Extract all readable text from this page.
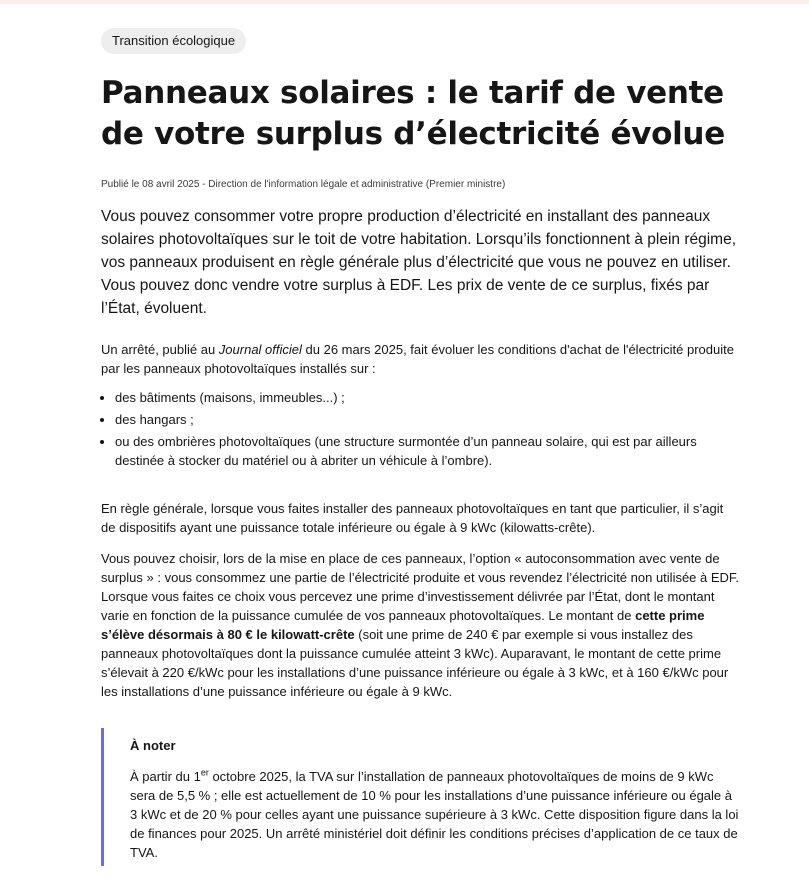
Transition écologique
Panneaux solaires : le tarif de vente de votre surplus d’électricité évolue
Publié le 08 avril 2025 - Direction de l'information légale et administrative (Premier ministre)

Vous pouvez consommer votre propre production d’électricité en installant des panneaux solaires photovoltaïques sur le toit de votre habitation. Lorsqu’ils fonctionnent à plein régime, vos panneaux produisent en règle générale plus d’électricité que vous ne pouvez en utiliser. Vous pouvez donc vendre votre surplus à EDF. Les prix de vente de ce surplus, fixés par l’État, évoluent.

Un arrêté, publié au Journal officiel du 26 mars 2025, fait évoluer les conditions d'achat de l'électricité produite par les panneaux photovoltaïques installés sur :

• des bâtiments (maisons, immeubles...) ;
• des hangars ;
• ou des ombrières photovoltaïques (une structure surmontée d’un panneau solaire, qui est par ailleurs destinée à stocker du matériel ou à abriter un véhicule à l’ombre).

En règle générale, lorsque vous faites installer des panneaux photovoltaïques en tant que particulier, il s’agit de dispositifs ayant une puissance totale inférieure ou égale à 9 kWc (kilowatts-crête).

Vous pouvez choisir, lors de la mise en place de ces panneaux, l’option « autoconsommation avec vente de surplus » : vous consommez une partie de l’électricité produite et vous revendez l’électricité non utilisée à EDF. Lorsque vous faites ce choix vous percevez une prime d’investissement délivrée par l’État, dont le montant varie en fonction de la puissance cumulée de vos panneaux photovoltaïques. Le montant de cette prime s’élève désormais à 80 € le kilowatt-crête (soit une prime de 240 € par exemple si vous installez des panneaux photovoltaïques dont la puissance cumulée atteint 3 kWc). Auparavant, le montant de cette prime s’élevait à 220 €/kWc pour les installations d’une puissance inférieure ou égale à 3 kWc, et à 160 €/kWc pour les installations d’une puissance inférieure ou égale à 9 kWc.

À noter
À partir du 1er octobre 2025, la TVA sur l’installation de panneaux photovoltaïques de moins de 9 kWc sera de 5,5 % ; elle est actuellement de 10 % pour les installations d’une puissance inférieure ou égale à 3 kWc et de 20 % pour celles ayant une puissance supérieure à 3 kWc. Cette disposition figure dans la loi de finances pour 2025. Un arrêté ministériel doit définir les conditions précises d’application de ce taux de TVA.
